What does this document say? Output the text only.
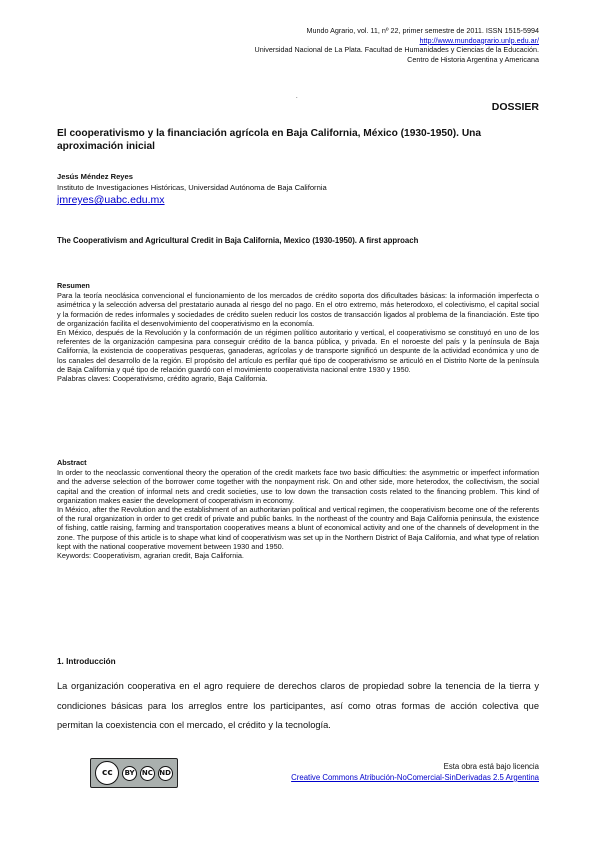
Mundo Agrario, vol. 11, nº 22, primer semestre de 2011. ISSN 1515-5994
http://www.mundoagrario.unlp.edu.ar/
Universidad Nacional de La Plata. Facultad de Humanidades y Ciencias de la Educación.
Centro de Historia Argentina y Americana
.
DOSSIER
El cooperativismo y la financiación agrícola en Baja California, México (1930-1950). Una aproximación inicial
Jesús Méndez Reyes
Instituto de Investigaciones Históricas, Universidad Autónoma de Baja California
jmreyes@uabc.edu.mx
The Cooperativism and Agricultural Credit in Baja California, Mexico (1930-1950). A first approach
Resumen

Para la teoría neoclásica convencional el funcionamiento de los mercados de crédito soporta dos dificultades básicas: la información imperfecta o asimétrica y la selección adversa del prestatario aunada al riesgo del no pago. En el otro extremo, más heterodoxo, el colectivismo, el capital social y la formación de redes informales y sociedades de crédito suelen reducir los costos de transacción ligados al problema de la financiación. Este tipo de organización facilita el desenvolvimiento del cooperativismo en la economía.

En México, después de la Revolución y la conformación de un régimen político autoritario y vertical, el cooperativismo se constituyó en uno de los referentes de la organización campesina para conseguir crédito de la banca pública, y privada. En el noroeste del país y la península de Baja California, la existencia de cooperativas pesqueras, ganaderas, agrícolas y de transporte significó un despunte de la actividad económica y uno de los canales del desarrollo de la región. El propósito del artículo es perfilar qué tipo de cooperativismo se articuló en el Distrito Norte de la península de Baja California y qué tipo de relación guardó con el movimiento cooperativista nacional entre 1930 y 1950.

Palabras claves: Cooperativismo, crédito agrario, Baja California.

Abstract

In order to the neoclassic conventional theory the operation of the credit markets face two basic difficulties: the asymmetric or imperfect information and the adverse selection of the borrower come together with the nonpayment risk. On and other side, more heterodox, the collectivism, the social capital and the creation of informal nets and credit societies, use to low down the transaction costs related to the financing problem. This kind of organization makes easier the development of cooperativism in economy.

In México, after the Revolution and the establishment of an authoritarian political and vertical regimen, the cooperativism become one of the referents of the rural organization in order to get credit of private and public banks. In the northeast of the country and Baja California peninsula, the existence of fishing, cattle raising, farming and transportation cooperatives means a blunt of economical activity and one of the channels of development in the zone. The purpose of this article is to shape what kind of cooperativism was set up in the Northern District of Baja California, and what type of relation kept with the national cooperative movement between 1930 and 1950.

Keywords: Cooperativism, agrarian credit, Baja California.

1. Introducción
La organización cooperativa en el agro requiere de derechos claros de propiedad sobre la tenencia de la tierra y condiciones básicas para los arreglos entre los participantes, así como otras formas de acción colectiva que permitan la coexistencia con el mercado, el crédito y la tecnología.
cc	BY	NC ND
Esta obra está bajo licencia
Creative Commons Atribución-NoComercial-SinDerivadas 2.5 Argentina
